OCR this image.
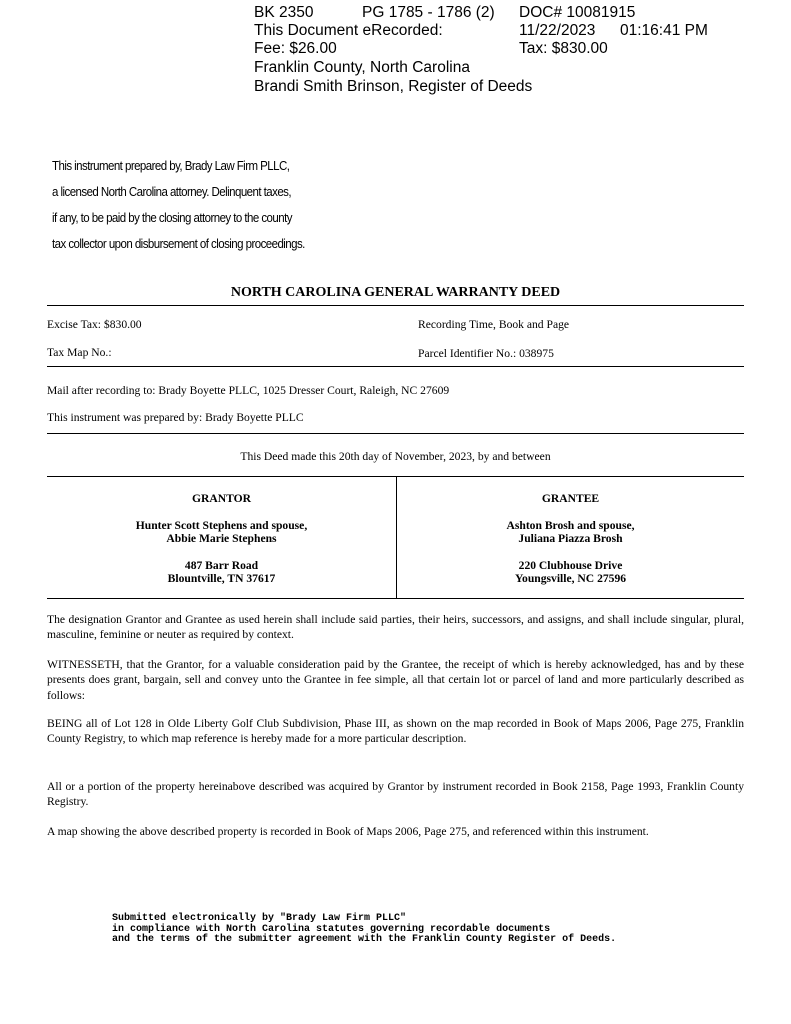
BK 2350	PG 1785 - 1786 (2) DOC# 10081915
This Document eRecorded:	11/22/2023 01:16:41 PM
Fee: $26.00	Tax: $830.00
Franklin County, North Carolina
Brandi Smith Brinson, Register of Deeds
This instrument prepared by, Brady Law Firm PLLC,
a licensed North Carolina attorney. Delinquent taxes,
if any, to be paid by the closing attorney to the county
tax collector upon disbursement of closing proceedings.
NORTH CAROLINA GENERAL WARRANTY DEED
Excise Tax: $830.00	Recording Time, Book and Page
Tax Map No.:	Parcel Identifier No.: 038975
Mail after recording to: Brady Boyette PLLC, 1025 Dresser Court, Raleigh, NC 27609
This instrument was prepared by: Brady Boyette PLLC
This Deed made this 20th day of November, 2023, by and between
GRANTOR
Hunter Scott Stephens and spouse,
Abbie Marie Stephens
487 Barr Road
Blountville, TN 37617
GRANTEE
Ashton Brosh and spouse,
Juliana Piazza Brosh
220 Clubhouse Drive
Youngsville, NC 27596
The designation Grantor and Grantee as used herein shall include said parties, their heirs, successors, and assigns, and shall include singular, plural, masculine, feminine or neuter as required by context.
WITNESSETH, that the Grantor, for a valuable consideration paid by the Grantee, the receipt of which is hereby acknowledged, has and by these presents does grant, bargain, sell and convey unto the Grantee in fee simple, all that certain lot or parcel of land and more particularly described as follows:
BEING all of Lot 128 in Olde Liberty Golf Club Subdivision, Phase III, as shown on the map recorded in Book of Maps 2006, Page 275, Franklin County Registry, to which map reference is hereby made for a more particular description.
All or a portion of the property hereinabove described was acquired by Grantor by instrument recorded in Book 2158, Page 1993, Franklin County Registry.
A map showing the above described property is recorded in Book of Maps 2006, Page 275, and referenced within this instrument.
Submitted electronically by "Brady Law Firm PLLC"
in compliance with North Carolina statutes governing recordable documents
and the terms of the submitter agreement with the Franklin County Register of Deeds.
